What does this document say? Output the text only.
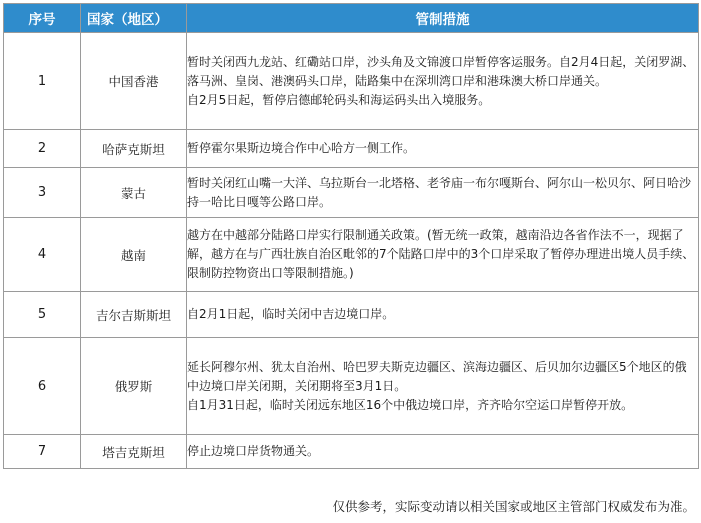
序号	国家（地区）	管制措施
1	中国香港	暂时关闭西九龙站、红磡站口岸，沙头角及文锦渡口岸暂停客运服务。自2月4日起，关闭罗湖、落马洲、皇岗、港澳码头口岸，陆路集中在深圳湾口岸和港珠澳大桥口岸通关。

自2月5日起，暂停启德邮轮码头和海运码头出入境服务。

2	哈萨克斯坦	暂停霍尔果斯边境合作中心哈方一侧工作。

3	蒙古	暂时关闭红山嘴一大洋、乌拉斯台一北塔格、老爷庙一布尔嘎斯台、阿尔山一松贝尔、阿日哈沙持一哈比日嘎等公路口岸。

4	越南	越方在中越部分陆路口岸实行限制通关政策。(暂无统一政策，越南沿边各省作法不一，现据了解，越方在与广西壮族自治区毗邻的7个陆路口岸中的3个口岸采取了暂停办理进出境人员手续、限制防控物资出口等限制措施。)

5	吉尔吉斯斯坦	自2月1日起，临时关闭中吉边境口岸。

6	俄罗斯	延长阿穆尔州、犹太自治州、哈巴罗夫斯克边疆区、滨海边疆区、后贝加尔边疆区5个地区的俄中边境口岸关闭期，关闭期将至3月1日。

自1月31日起，临时关闭远东地区16个中俄边境口岸，齐齐哈尔空运口岸暂停开放。

7	塔吉克斯坦	停止边境口岸货物通关。

仅供参考，实际变动请以相关国家或地区主管部门权威发布为准。
